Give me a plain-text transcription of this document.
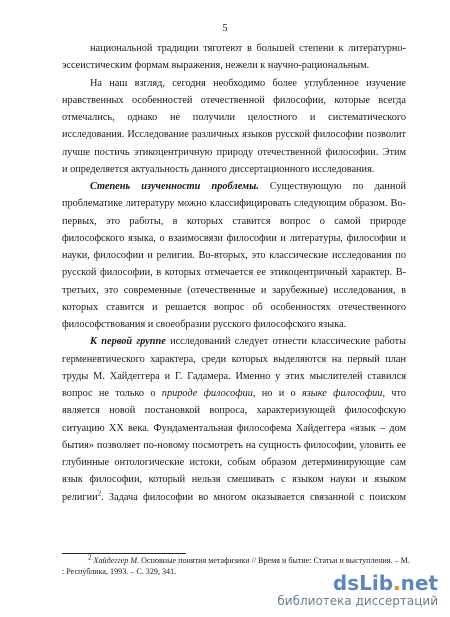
5
национальной традиции тяготеют в большей степени к литературно-
эссеистическим формам выражения, нежели к научно-рациональным.
На наш взгляд, сегодня необходимо более углубленное изучение
нравственных особенностей отечественной философии, которые всегда
отмечались, однако не получили целостного и систематического
исследования. Исследование различных языков русской философии позволит
лучше постичь этикоцентричную природу отечественной философии. Этим
и определяется актуальность данного диссертационного исследования.
Степень изученности проблемы. Существующую по данной
проблематике литературу можно классифицировать следующим образом. Во-
первых, это работы, в которых ставится вопрос о самой природе
философского языка, о взаимосвязи философии и литературы, философии и
науки, философии и религии. Во-вторых, это классические исследования по
русской философии, в которых отмечается ее этикоцентричный характер. В-
третьих, это современные (отечественные и зарубежные) исследования, в
которых ставится и решается вопрос об особенностях отечественного
философствования и своеобразии русского философского языка.
К первой группе исследований следует отнести классические работы
герменевтического характера, среди которых выделяются на первый план
труды М. Хайдеггера и Г. Гадамера. Именно у этих мыслителей ставился
вопрос не только о природе философии, но и о языке философии, что
является новой постановкой вопроса, характеризующей философскую
ситуацию XX века. Фундаментальная философема Хайдеггера «язык – дом
бытия» позволяет по-новому посмотреть на сущность философии, уловить ее
глубинные онтологические истоки, собым образом детерминирующие сам
язык философии, который нельзя смешивать с языком науки и языком
религии$^2$. Задача философии во многом оказывается связанной с поиском
$^2$ Хайдеггер М. Основные понятия метафизики // Время и бытие: Статьи и выступления. – М.
: Республика, 1993. – С. 329, 341.	dsLib.net
библиотека диссертаций
